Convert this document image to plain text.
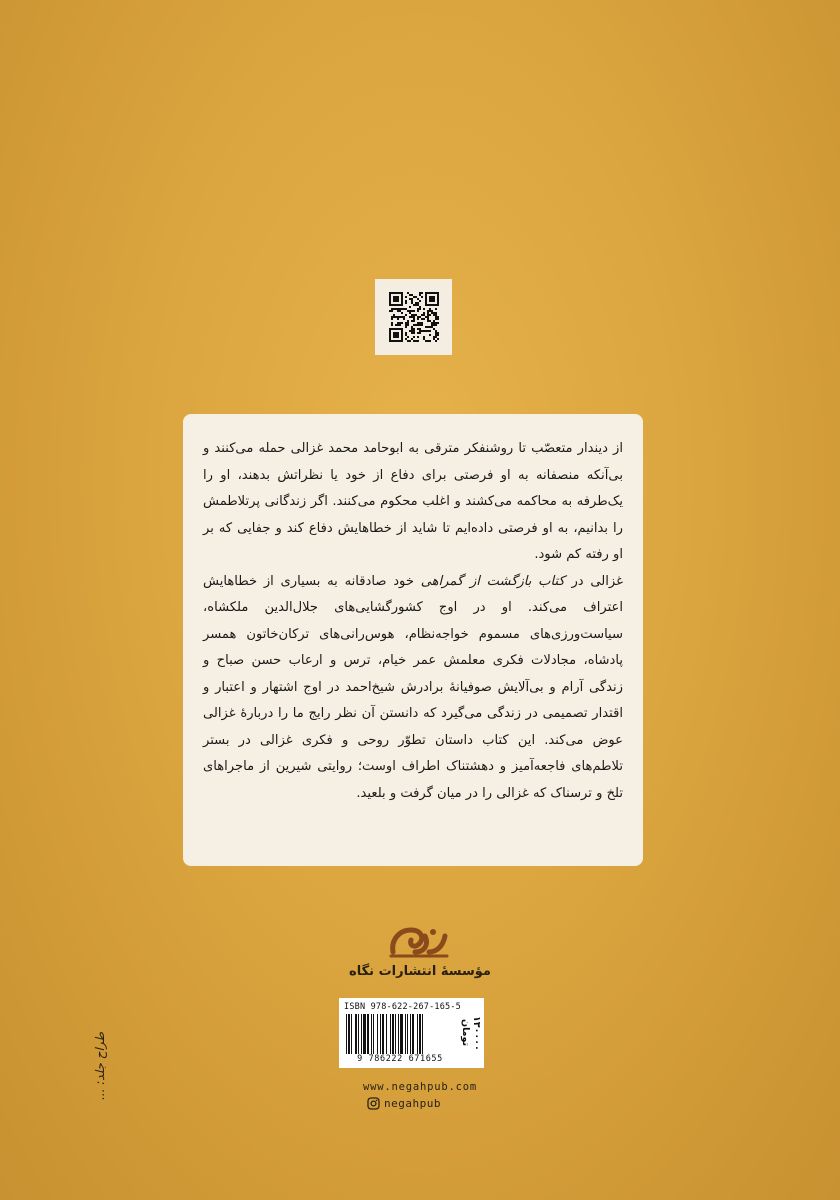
از دیندار متعصّب تا روشنفکر مترقی به ابوحامد محمد غزالی حمله می‌کنند و بی‌آنکه منصفانه به او فرصتی برای دفاع از خود یا نظراتش بدهند، او را یک‌طرفه به محاکمه می‌کشند و اغلب محکوم می‌کنند. اگر زندگانی پرتلاطمش را بدانیم، به او فرصتی داده‌ایم تا شاید از خطاهایش دفاع کند و جفایی که بر او رفته کم شود.

غزالی در کتاب بازگشت از گمراهی خود صادقانه به بسیاری از خطاهایش اعتراف می‌کند. او در اوج کشورگشایی‌های جلال‌الدین ملکشاه، سیاست‌ورزی‌های مسموم خواجه‌نظام، هوس‌رانی‌های ترکان‌خاتون همسر پادشاه، مجادلات فکری معلمش عمر خیام، ترس و ارعاب حسن صباح و زندگی آرام و بی‌آلایش صوفیانهٔ برادرش شیخ‌احمد در اوج اشتهار و اعتبار و اقتدار تصمیمی در زندگی می‌گیرد که دانستن آن نظر رایج ما را دربارهٔ غزالی عوض می‌کند. این کتاب داستان تطوّر روحی و فکری غزالی در بستر تلاطم‌های فاجعه‌آمیز و دهشتناک اطراف اوست؛ روایتی شیرین از ماجراهای تلخ و ترسناک که غزالی را در میان گرفت و بلعید.

مؤسسهٔ انتشارات نگاه
ISBN 978-622-267-165-5
9 786222 671655
۱۳۰۰۰۰ تومان
www.negahpub.com
negahpub
طراح جلد: ...
